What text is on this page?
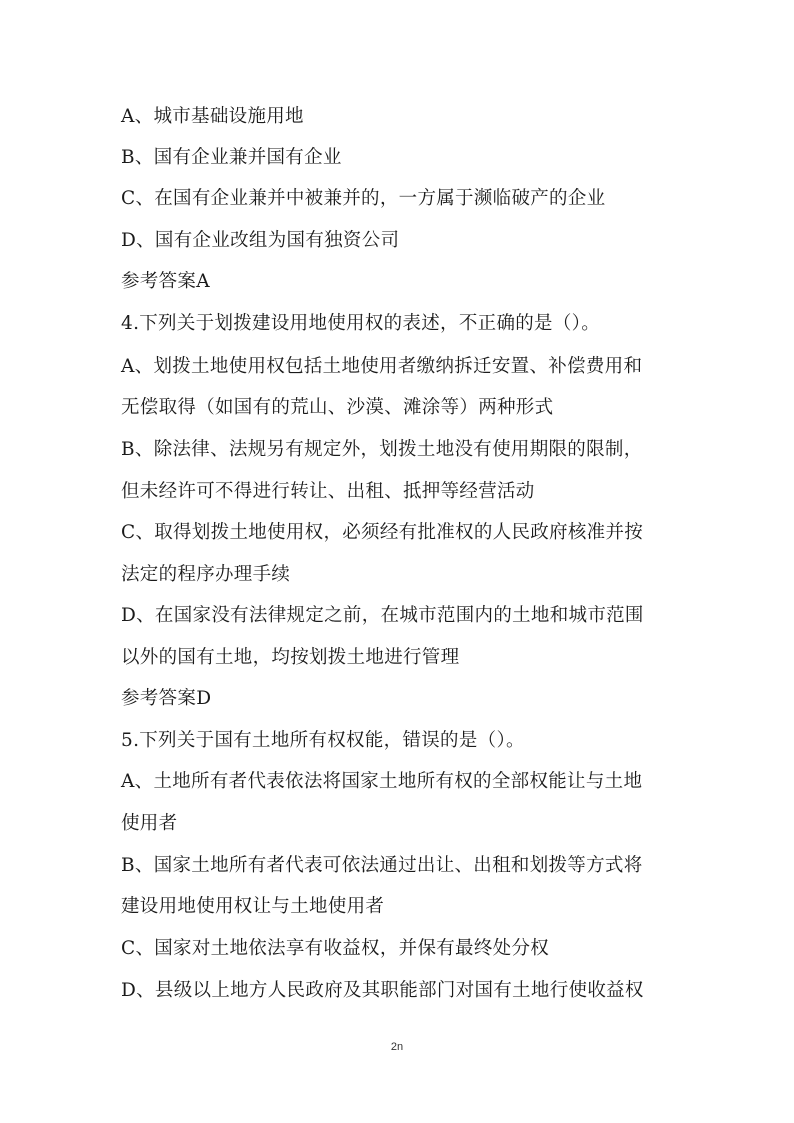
A、城市基础设施用地
B、国有企业兼并国有企业
C、在国有企业兼并中被兼并的，一方属于濒临破产的企业
D、国有企业改组为国有独资公司
参考答案A
4.下列关于划拨建设用地使用权的表述，不正确的是（）。
A、划拨土地使用权包括土地使用者缴纳拆迁安置、补偿费用和
无偿取得（如国有的荒山、沙漠、滩涂等）两种形式
B、除法律、法规另有规定外，划拨土地没有使用期限的限制，
但未经许可不得进行转让、出租、抵押等经营活动
C、取得划拨土地使用权，必须经有批准权的人民政府核准并按
法定的程序办理手续
D、在国家没有法律规定之前，在城市范围内的土地和城市范围
以外的国有土地，均按划拨土地进行管理
参考答案D
5.下列关于国有土地所有权权能，错误的是（）。
A、土地所有者代表依法将国家土地所有权的全部权能让与土地
使用者
B、国家土地所有者代表可依法通过出让、出租和划拨等方式将
建设用地使用权让与土地使用者
C、国家对土地依法享有收益权，并保有最终处分权
D、县级以上地方人民政府及其职能部门对国有土地行使收益权
2n
